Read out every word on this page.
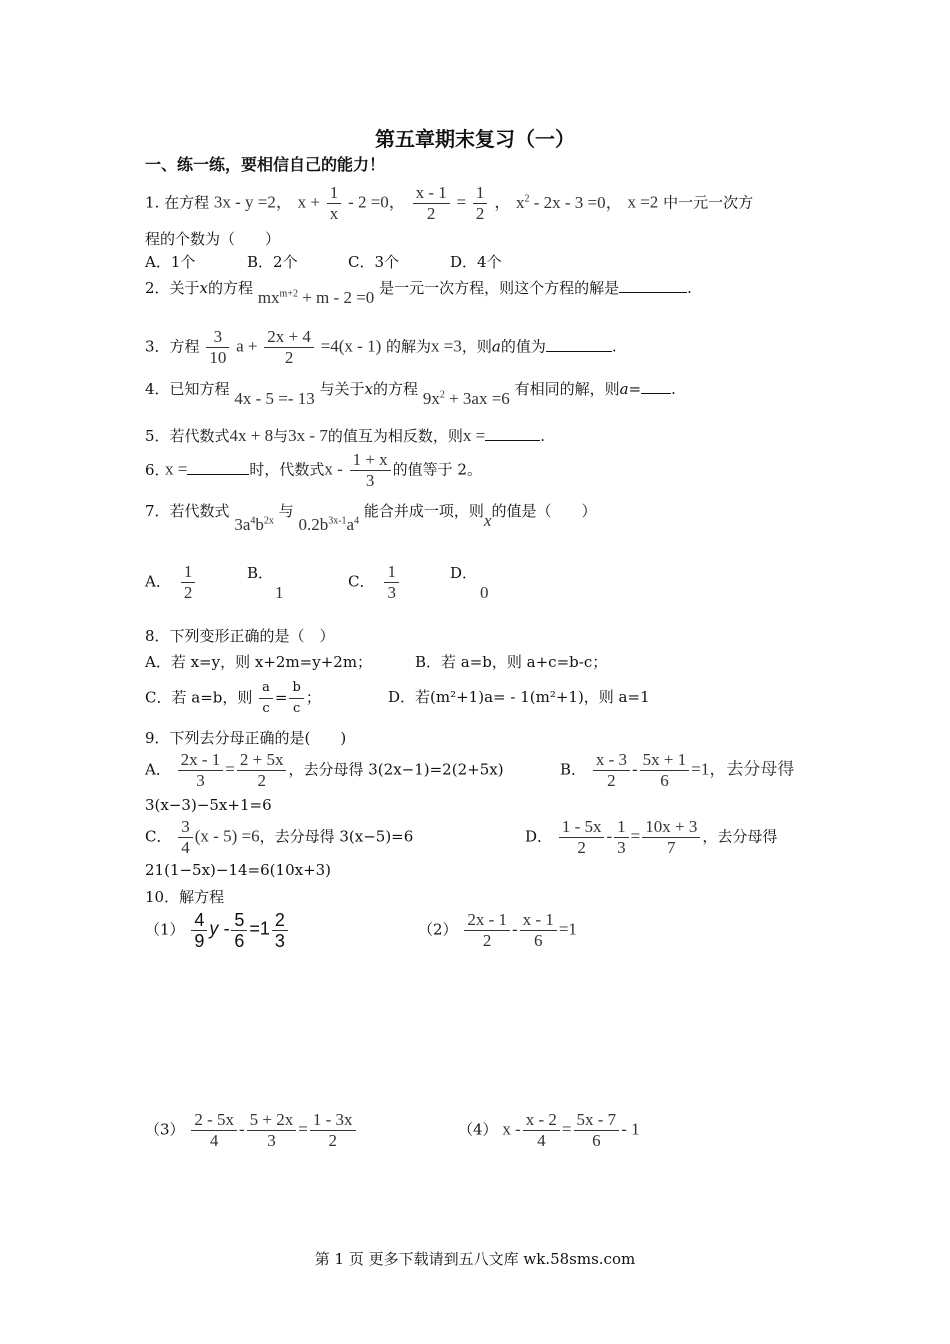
第五章期末复习（一）
一、练一练，要相信自己的能力！
1. 在方程 3x - y =2， $x + \frac{1}{x} - 2 =0$， $\frac{x - 1}{2} = \frac{1}{2}$ ， $x^2 - 2x - 3 =0$， x =2 中一元一次方
程的个数为（　　）
A．1个	B．2个	C．3个	D．4个
2．关于x的方程 $mx^{m+2} + m - 2 =0$ 是一元一次方程，则这个方程的解是	.
3．方程 $\frac{3}{10}$ $a + \frac{2x + 4}{2} =4(x - 1)$ 的解为x =3，则a的值为	.
4．已知方程 4x - 5 =- 13 与关于x的方程 $9x^2 + 3ax =6$ 有相同的解，则a= .
5．若代数式4x + 8与3x - 7的值互为相反数，则x =	.
6．x =	时，代数式x - $\frac{1 + x}{3}$ 的值等于 2。
7．若代数式 $3a^4b^{2x}$ 与 $0.2b^{3x-1}a^4$ 能合并成一项，则x的值是（　　）
A． $\frac{1}{2}$	B．
1
C． $\frac{1}{3}$	D．
0
8．下列变形正确的是（　）
A．若 x=y，则 x+2m=y+2m；	B．若 a=b，则 a+c=b-c；
C．若 a=b，则 $\frac{a}{c} = \frac{b}{c}$ ；	D．若(m²+1)a= - 1(m²+1)，则 a=1
9．下列去分母正确的是(　　)
A． $\frac{2x - 1}{3} = \frac{2 + 5x}{2}$ ，去分母得 3(2x−1)=2(2+5x)	B． $\frac{x - 3}{2} - \frac{5x + 1}{6} =1$，去分母得
3(x−3)−5x+1=6
C． $\frac{3}{4} (x - 5) =6$，去分母得 3(x−5)=6	D． $\frac{1 - 5x}{2} - \frac{1}{3} = \frac{10x + 3}{7}$ ，去分母得
21(1−5x)−14=6(10x+3)
10．解方程
$(1) \frac{4}{9}$ $y - \frac{5}{6} =1 \frac{2}{3}$	$(2) \frac{2x - 1}{2} - \frac{x - 1}{6} =1$
$(3) \frac{2 - 5x}{4} - \frac{5 + 2x}{3} = \frac{1 - 3x}{2}$	（4） $x - \frac{x - 2}{4} = \frac{5x - 7}{6} - 1$
第 1 页 更多下载请到五八文库 wk.58sms.com
